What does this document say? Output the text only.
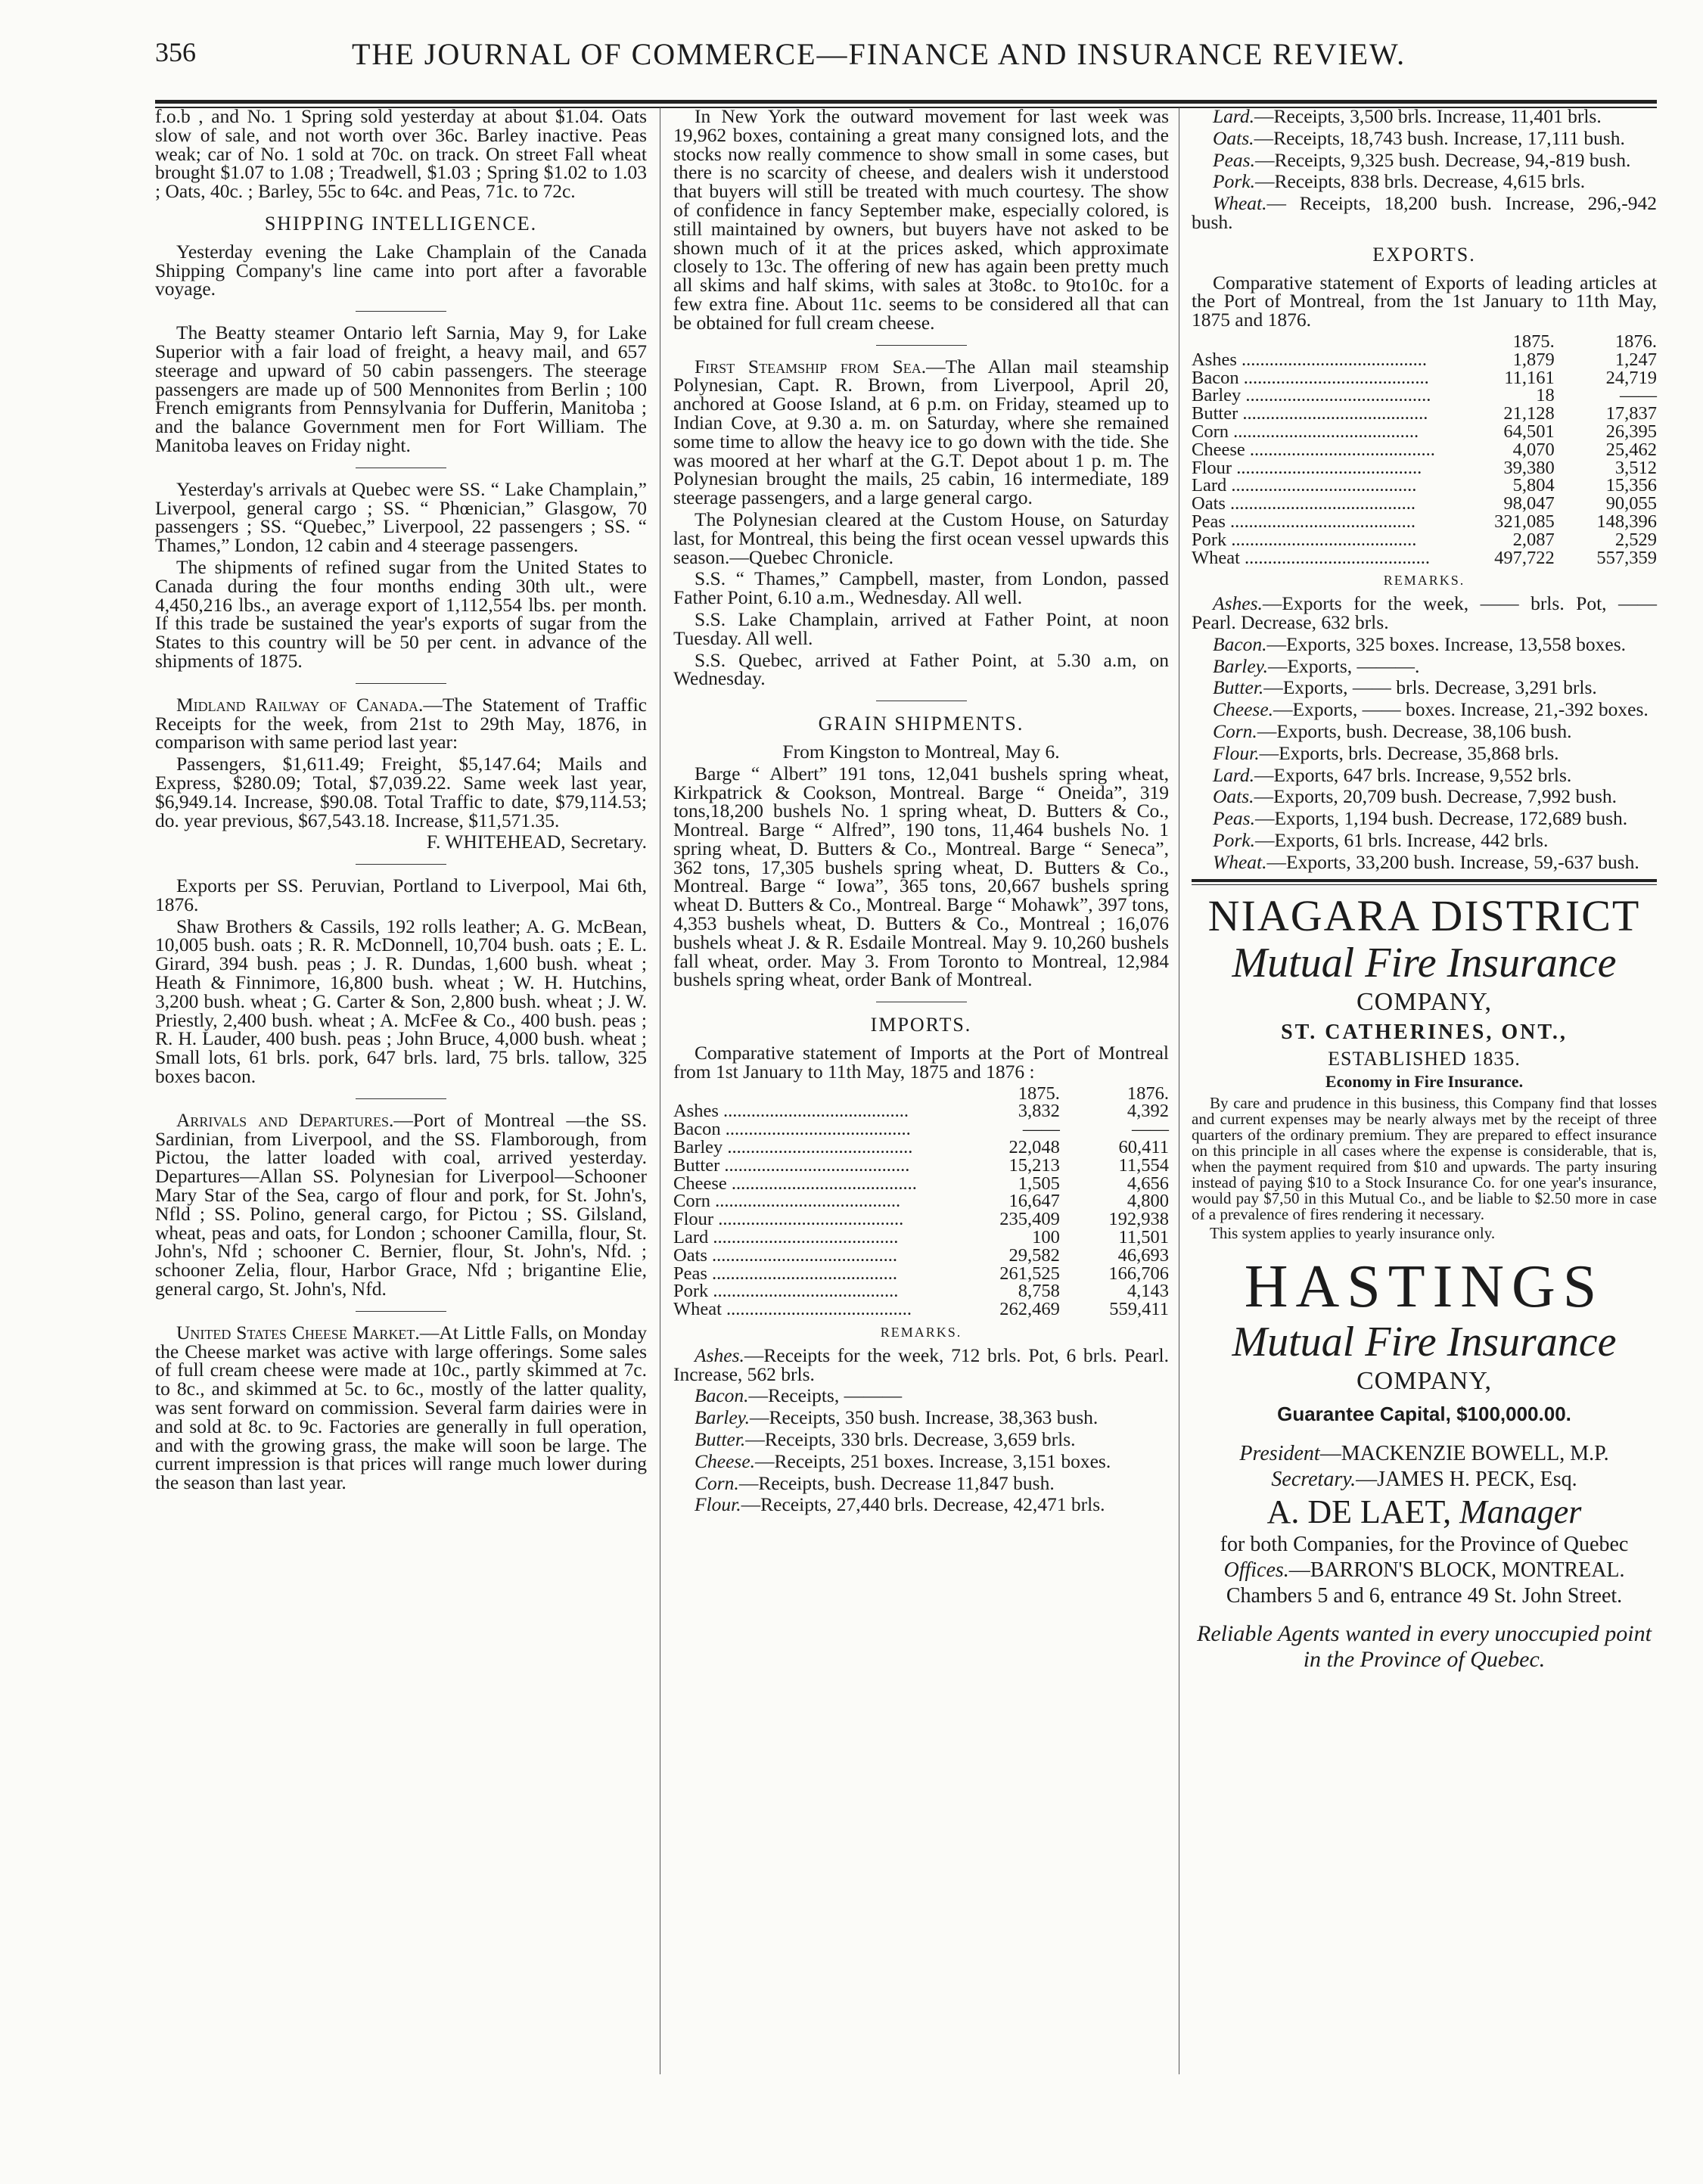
356	THE JOURNAL OF COMMERCE—FINANCE AND INSURANCE REVIEW.

f.o.b , and No. 1 Spring sold yesterday at about $1.04. Oats slow of sale, and not worth over 36c. Barley inactive. Peas weak; car of No. 1 sold at 70c. on track. On street Fall wheat brought $1.07 to 1.08 ; Treadwell, $1.03 ; Spring $1.02 to 1.03 ; Oats, 40c. ; Barley, 55c to 64c. and Peas, 71c. to 72c.

SHIPPING INTELLIGENCE.

Yesterday evening the Lake Champlain of the Canada Shipping Company's line came into port after a favorable voyage.

The Beatty steamer Ontario left Sarnia, May 9, for Lake Superior with a fair load of freight, a heavy mail, and 657 steerage and upward of 50 cabin passengers. The steerage passengers are made up of 500 Mennonites from Berlin ; 100 French emigrants from Pennsylvania for Dufferin, Manitoba ; and the balance Government men for Fort William. The Manitoba leaves on Friday night.

Yesterday's arrivals at Quebec were SS. “ Lake Champlain,” Liverpool, general cargo ; SS. “ Phœnician,” Glasgow, 70 passengers ; SS. “Quebec,” Liverpool, 22 passengers ; SS. “ Thames,” London, 12 cabin and 4 steerage passengers.

The shipments of refined sugar from the United States to Canada during the four months ending 30th ult., were 4,450,216 lbs., an average export of 1,112,554 lbs. per month. If this trade be sustained the year's exports of sugar from the States to this country will be 50 per cent. in advance of the shipments of 1875.

Midland Railway of Canada.—The Statement of Traffic Receipts for the week, from 21st to 29th May, 1876, in comparison with same period last year:

Passengers, $1,611.49; Freight, $5,147.64; Mails and Express, $280.09; Total, $7,039.22. Same week last year, $6,949.14. Increase, $90.08. Total Traffic to date, $79,114.53; do. year previous, $67,543.18. Increase, $11,571.35.

F. WHITEHEAD, Secretary.

Exports per SS. Peruvian, Portland to Liverpool, Mai 6th, 1876.

Shaw Brothers & Cassils, 192 rolls leather; A. G. McBean, 10,005 bush. oats ; R. R. McDonnell, 10,704 bush. oats ; E. L. Girard, 394 bush. peas ; J. R. Dundas, 1,600 bush. wheat ; Heath & Finnimore, 16,800 bush. wheat ; W. H. Hutchins, 3,200 bush. wheat ; G. Carter & Son, 2,800 bush. wheat ; J. W. Priestly, 2,400 bush. wheat ; A. McFee & Co., 400 bush. peas ; R. H. Lauder, 400 bush. peas ; John Bruce, 4,000 bush. wheat ; Small lots, 61 brls. pork, 647 brls. lard, 75 brls. tallow, 325 boxes bacon.

Arrivals and Departures.—Port of Montreal —the SS. Sardinian, from Liverpool, and the SS. Flamborough, from Pictou, the latter loaded with coal, arrived yesterday. Departures—Allan SS. Polynesian for Liverpool—Schooner Mary Star of the Sea, cargo of flour and pork, for St. John's, Nfld ; SS. Polino, general cargo, for Pictou ; SS. Gilsland, wheat, peas and oats, for London ; schooner Camilla, flour, St. John's, Nfd ; schooner C. Bernier, flour, St. John's, Nfd. ; schooner Zelia, flour, Harbor Grace, Nfd ; brigantine Elie, general cargo, St. John's, Nfd.

United States Cheese Market.—At Little Falls, on Monday the Cheese market was active with large offerings. Some sales of full cream cheese were made at 10c., partly skimmed at 7c. to 8c., and skimmed at 5c. to 6c., mostly of the latter quality, was sent forward on commission. Several farm dairies were in and sold at 8c. to 9c. Factories are generally in full operation, and with the growing grass, the make will soon be large. The current impression is that prices will range much lower during the season than last year.

In New York the outward movement for last week was 19,962 boxes, containing a great many consigned lots, and the stocks now really commence to show small in some cases, but there is no scarcity of cheese, and dealers wish it understood that buyers will still be treated with much courtesy. The show of confidence in fancy September make, especially colored, is still maintained by owners, but buyers have not asked to be shown much of it at the prices asked, which approximate closely to 13c. The offering of new has again been pretty much all skims and half skims, with sales at 3to8c. to 9to10c. for a few extra fine. About 11c. seems to be considered all that can be obtained for full cream cheese.

First Steamship from Sea.—The Allan mail steamship Polynesian, Capt. R. Brown, from Liverpool, April 20, anchored at Goose Island, at 6 p.m. on Friday, steamed up to Indian Cove, at 9.30 a. m. on Saturday, where she remained some time to allow the heavy ice to go down with the tide. She was moored at her wharf at the G.T. Depot about 1 p. m. The Polynesian brought the mails, 25 cabin, 16 intermediate, 189 steerage passengers, and a large general cargo.

The Polynesian cleared at the Custom House, on Saturday last, for Montreal, this being the first ocean vessel upwards this season.—Quebec Chronicle.

S.S. “ Thames,” Campbell, master, from London, passed Father Point, 6.10 a.m., Wednesday. All well.

S.S. Lake Champlain, arrived at Father Point, at noon Tuesday. All well.

S.S. Quebec, arrived at Father Point, at 5.30 a.m, on Wednesday.

GRAIN SHIPMENTS.

From Kingston to Montreal, May 6.

Barge “ Albert” 191 tons, 12,041 bushels spring wheat, Kirkpatrick & Cookson, Montreal. Barge “ Oneida”, 319 tons,18,200 bushels No. 1 spring wheat, D. Butters & Co., Montreal. Barge “ Alfred”, 190 tons, 11,464 bushels No. 1 spring wheat, D. Butters & Co., Montreal. Barge “ Seneca”, 362 tons, 17,305 bushels spring wheat, D. Butters & Co., Montreal. Barge “ Iowa”, 365 tons, 20,667 bushels spring wheat D. Butters & Co., Montreal. Barge “ Mohawk”, 397 tons, 4,353 bushels wheat, D. Butters & Co., Montreal ; 16,076 bushels wheat J. & R. Esdaile Montreal. May 9. 10,260 bushels fall wheat, order. May 3. From Toronto to Montreal, 12,984 bushels spring wheat, order Bank of Montreal.

IMPORTS.

Comparative statement of Imports at the Port of Montreal from 1st January to 11th May, 1875 and 1876 :

	1875.	1876.
Ashes ........................................	3,832	4,392
Bacon ........................................	——	——
Barley ........................................	22,048	60,411
Butter ........................................	15,213	11,554
Cheese ........................................	1,505	4,656
Corn ........................................	16,647	4,800
Flour ........................................	235,409	192,938
Lard ........................................	100	11,501
Oats ........................................	29,582	46,693
Peas ........................................	261,525	166,706
Pork ........................................	8,758	4,143
Wheat ........................................	262,469	559,411
REMARKS.

Ashes.—Receipts for the week, 712 brls. Pot, 6 brls. Pearl. Increase, 562 brls.

Bacon.—Receipts, ———

Barley.—Receipts, 350 bush. Increase, 38,363 bush.

Butter.—Receipts, 330 brls. Decrease, 3,659 brls.

Cheese.—Receipts, 251 boxes. Increase, 3,151 boxes.

Corn.—Receipts, bush. Decrease 11,847 bush.

Flour.—Receipts, 27,440 brls. Decrease, 42,471 brls.

Lard.—Receipts, 3,500 brls. Increase, 11,401 brls.

Oats.—Receipts, 18,743 bush. Increase, 17,111 bush.

Peas.—Receipts, 9,325 bush. Decrease, 94,-819 bush.

Pork.—Receipts, 838 brls. Decrease, 4,615 brls.

Wheat.— Receipts, 18,200 bush. Increase, 296,-942 bush.

EXPORTS.

Comparative statement of Exports of leading articles at the Port of Montreal, from the 1st January to 11th May, 1875 and 1876.

	1875.	1876.
Ashes ........................................	1,879	1,247
Bacon ........................................	11,161	24,719
Barley ........................................	18	——
Butter ........................................	21,128	17,837
Corn ........................................	64,501	26,395
Cheese ........................................	4,070	25,462
Flour ........................................	39,380	3,512
Lard ........................................	5,804	15,356
Oats ........................................	98,047	90,055
Peas ........................................	321,085	148,396
Pork ........................................	2,087	2,529
Wheat ........................................	497,722	557,359
REMARKS.

Ashes.—Exports for the week, —— brls. Pot, —— Pearl. Decrease, 632 brls.

Bacon.—Exports, 325 boxes. Increase, 13,558 boxes.

Barley.—Exports, ———.

Butter.—Exports, —— brls. Decrease, 3,291 brls.

Cheese.—Exports, —— boxes. Increase, 21,-392 boxes.

Corn.—Exports, bush. Decrease, 38,106 bush.

Flour.—Exports, brls. Decrease, 35,868 brls.

Lard.—Exports, 647 brls. Increase, 9,552 brls.

Oats.—Exports, 20,709 bush. Decrease, 7,992 bush.

Peas.—Exports, 1,194 bush. Decrease, 172,689 bush.

Pork.—Exports, 61 brls. Increase, 442 brls.

Wheat.—Exports, 33,200 bush. Increase, 59,-637 bush.

NIAGARA DISTRICT
Mutual Fire Insurance
COMPANY,
ST. CATHERINES, ONT.,
ESTABLISHED 1835.
Economy in Fire Insurance.

By care and prudence in this business, this Company find that losses and current expenses may be nearly always met by the receipt of three quarters of the ordinary premium. They are prepared to effect insurance on this principle in all cases where the expense is considerable, that is, when the payment required from $10 and upwards. The party insuring instead of paying $10 to a Stock Insurance Co. for one year's insurance, would pay $7,50 in this Mutual Co., and be liable to $2.50 more in case of a prevalence of fires rendering it necessary.

This system applies to yearly insurance only.

HASTINGS
Mutual Fire Insurance
COMPANY,
Guarantee Capital, $100,000.00.
President—MACKENZIE BOWELL, M.P.
Secretary.—JAMES H. PECK, Esq.
A. DE LAET, Manager
for both Companies, for the Province of Quebec
Offices.—BARRON'S BLOCK, MONTREAL.
Chambers 5 and 6, entrance 49 St. John Street.
Reliable Agents wanted in every unoccupied point in the Province of Quebec.
